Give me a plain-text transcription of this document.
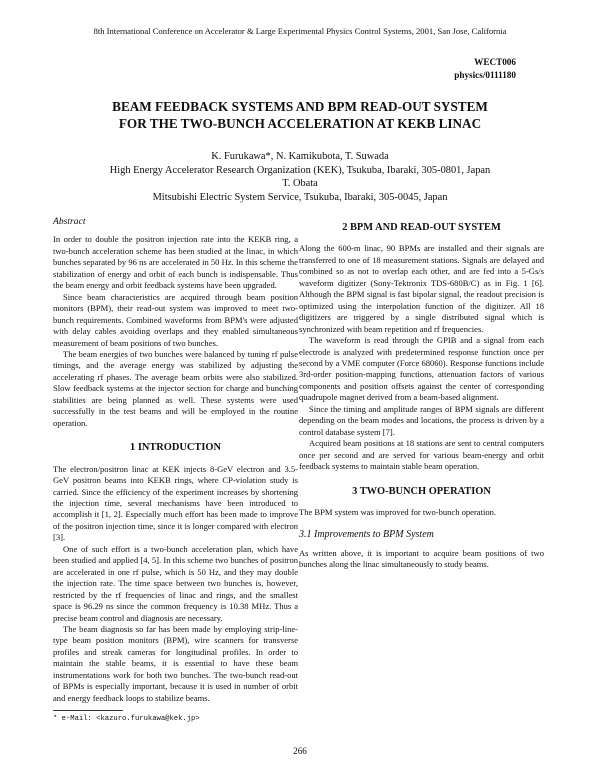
8th International Conference on Accelerator & Large Experimental Physics Control Systems, 2001, San Jose, California
WECT006
physics/0111180
BEAM FEEDBACK SYSTEMS AND BPM READ-OUT SYSTEM
FOR THE TWO-BUNCH ACCELERATION AT KEKB LINAC
K. Furukawa*, N. Kamikubota, T. Suwada
High Energy Accelerator Research Organization (KEK), Tsukuba, Ibaraki, 305-0801, Japan
T. Obata
Mitsubishi Electric System Service, Tsukuba, Ibaraki, 305-0045, Japan
Abstract

In order to double the positron injection rate into the KEKB ring, a two-bunch acceleration scheme has been studied at the linac, in which bunches separated by 96 ns are accelerated in 50 Hz. In this scheme the stabilization of energy and orbit of each bunch is indispensable. Thus the beam energy and orbit feedback systems have been upgraded.

Since beam characteristics are acquired through beam position monitors (BPM), their read-out system was improved to meet two-bunch requirements. Combined waveforms from BPM's were adjusted with delay cables avoiding overlaps and they enabled simultaneous measurement of beam positions of two bunches.

The beam energies of two bunches were balanced by tuning rf pulse timings, and the average energy was stabilized by adjusting the accelerating rf phases. The average beam orbits were also stabilized. Slow feedback systems at the injector section for charge and bunching stabilities are being planned as well. These systems were used successfully in the test beams and will be employed in the routine operation.

1 INTRODUCTION

The electron/positron linac at KEK injects 8-GeV electron and 3.5-GeV positron beams into KEKB rings, where CP-violation study is carried. Since the efficiency of the experiment increases by shortening the injection time, several mechanisms have been introduced to accomplish it [1, 2]. Especially much effort has been made to improve of the positron injection time, since it is longer compared with electron [3].

One of such effort is a two-bunch acceleration plan, which have been studied and applied [4, 5]. In this scheme two bunches of positron are accelerated in one rf pulse, which is 50 Hz, and they may double the injection rate. The time space between two bunches is, however, restricted by the rf frequencies of linac and rings, and the smallest space is 96.29 ns since the common frequency is 10.38 MHz. Thus a precise beam control and diagnosis are necessary.

The beam diagnosis so far has been made by employing strip-line-type beam position monitors (BPM), wire scanners for transverse profiles and streak cameras for longitudinal profiles. In order to maintain the stable beams, it is essential to have these beam instrumentations work for both two bunches. The two-bunch read-out of BPMs is especially important, because it is used in number of orbit and energy feedback loops to stabilize beams.

* e-Mail: <kazuro.furukawa@kek.jp>
2 BPM AND READ-OUT SYSTEM

Along the 600-m linac, 90 BPMs are installed and their signals are transferred to one of 18 measurement stations. Signals are delayed and combined so as not to overlap each other, and are fed into a 5-Gs/s waveform digitizer (Sony-Tektronix TDS-680B/C) as in Fig. 1 [6]. Although the BPM signal is fast bipolar signal, the readout precision is optimized using the interpolation function of the digitizer. All 18 digitizers are triggered by a single distributed signal which is synchronized with beam repetition and rf frequencies.

The waveform is read through the GPIB and a signal from each electrode is analyzed with predetermined response function once per second by a VME computer (Force 68060). Response functions include 3rd-order position-mapping functions, attenuation factors of various components and position offsets against the center of corresponding quadrupole magnet derived from a beam-based alignment.

Since the timing and amplitude ranges of BPM signals are different depending on the beam modes and locations, the process is driven by a control database system [7].

Acquired beam positions at 18 stations are sent to central computers once per second and are served for various beam-energy and orbit feedback systems to maintain stable beam operation.

3 TWO-BUNCH OPERATION

The BPM system was improved for two-bunch operation.

3.1 Improvements to BPM System

As written above, it is important to acquire beam positions of two bunches along the linac simultaneously to study beams.

266
